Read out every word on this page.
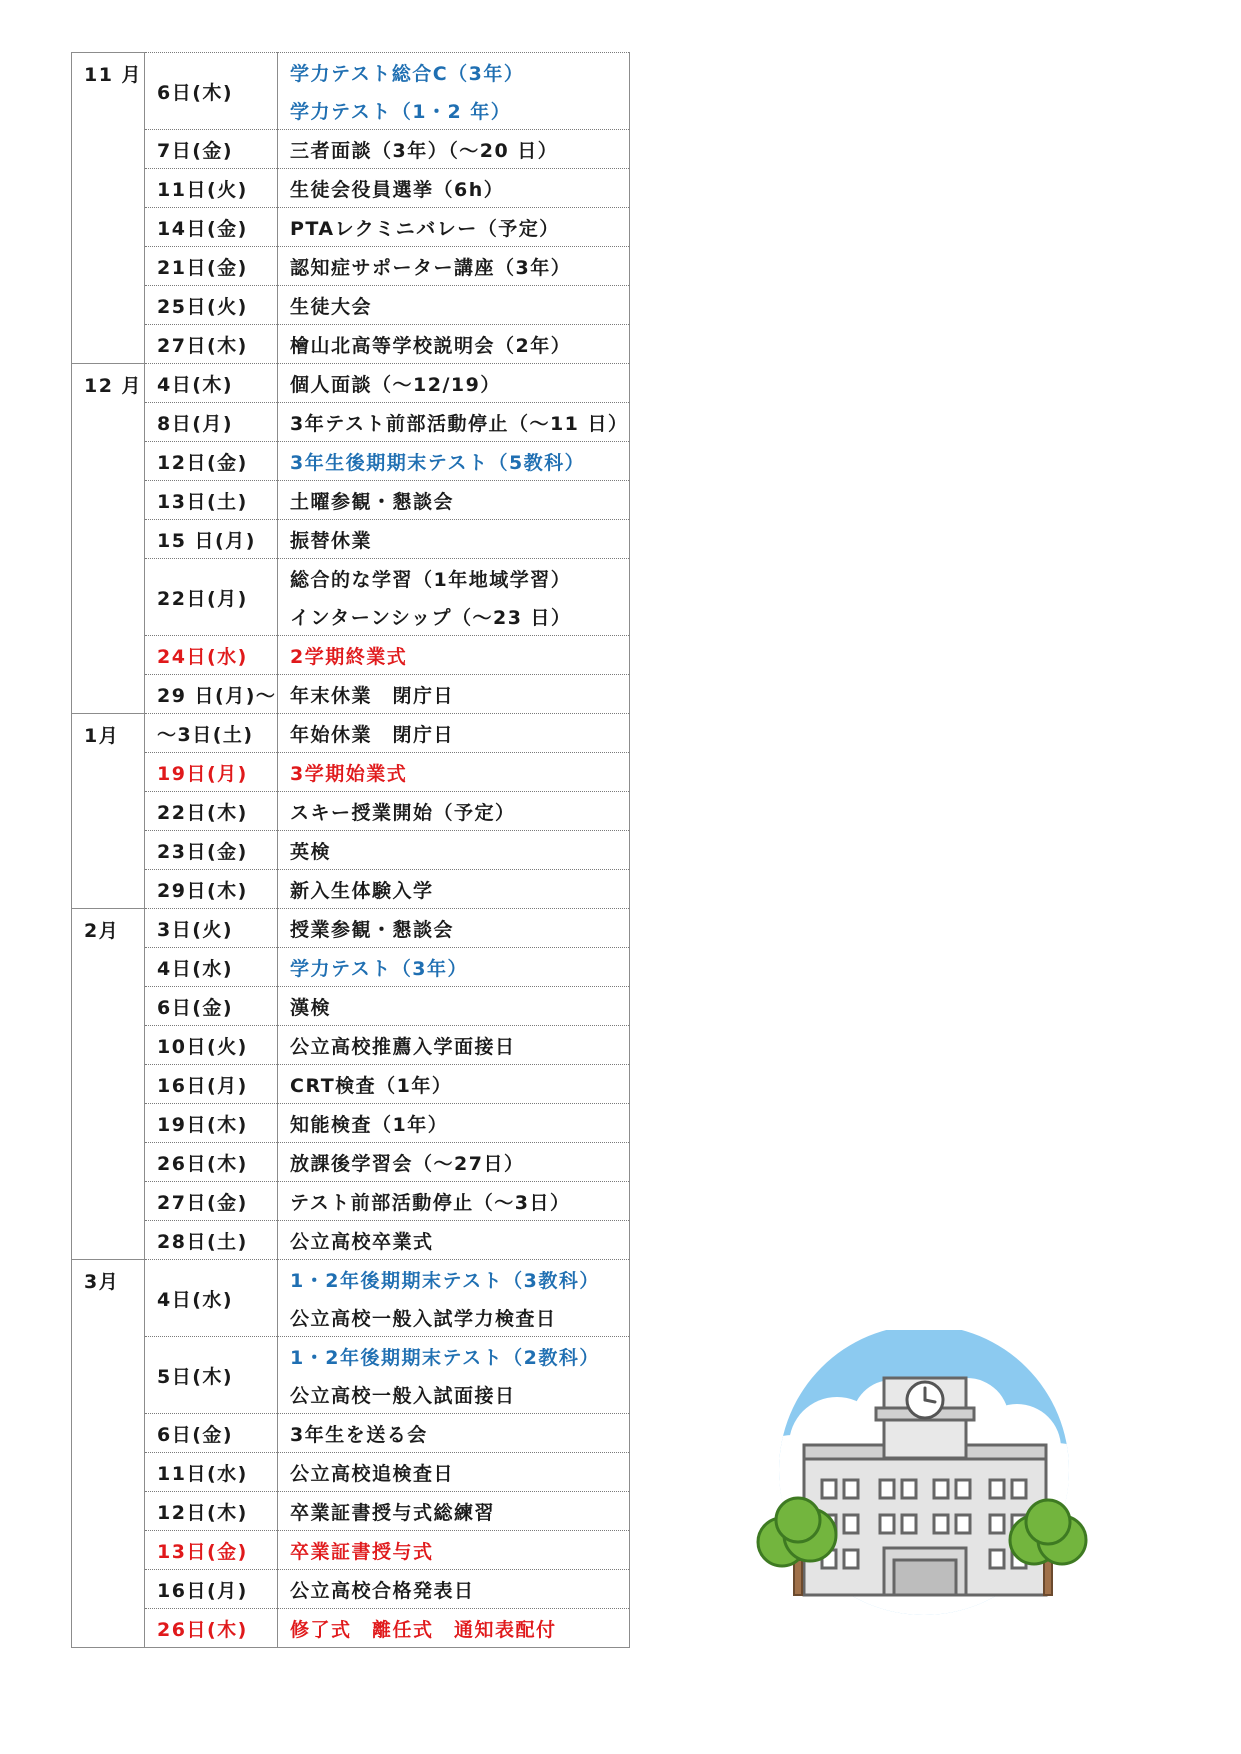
11 月	6日(木)	学力テスト総合C（3年）
		学力テスト（1・2 年）
	7日(金)	三者面談（3年）（～20 日）
	11日(火)	生徒会役員選挙（6h）
	14日(金)	PTAレクミニバレー（予定）
	21日(金)	認知症サポーター講座（3年）
	25日(火)	生徒大会
	27日(木)	檜山北高等学校説明会（2年）
12 月	4日(木)	個人面談（～12/19）
	8日(月)	3年テスト前部活動停止（～11 日）
	12日(金)	3年生後期期末テスト（5教科）
	13日(土)	土曜参観・懇談会
	15 日(月)	振替休業
	22日(月)	総合的な学習（1年地域学習）
		インターンシップ（～23 日）
	24日(水)	2学期終業式
	29 日(月)～	年末休業　閉庁日
1月	～3日(土)	年始休業　閉庁日
	19日(月)	3学期始業式
	22日(木)	スキー授業開始（予定）
	23日(金)	英検
	29日(木)	新入生体験入学
2月	3日(火)	授業参観・懇談会
	4日(水)	学力テスト（3年）
	6日(金)	漢検
	10日(火)	公立高校推薦入学面接日
	16日(月)	CRT検査（1年）
	19日(木)	知能検査（1年）
	26日(木)	放課後学習会（～27日）
	27日(金)	テスト前部活動停止（～3日）
	28日(土)	公立高校卒業式
3月	4日(水)	1・2年後期期末テスト（3教科）
		公立高校一般入試学力検査日
	5日(木)	1・2年後期期末テスト（2教科）
		公立高校一般入試面接日
	6日(金)	3年生を送る会
	11日(水)	公立高校追検査日
	12日(木)	卒業証書授与式総練習
	13日(金)	卒業証書授与式
	16日(月)	公立高校合格発表日
	26日(木)	修了式　離任式　通知表配付
